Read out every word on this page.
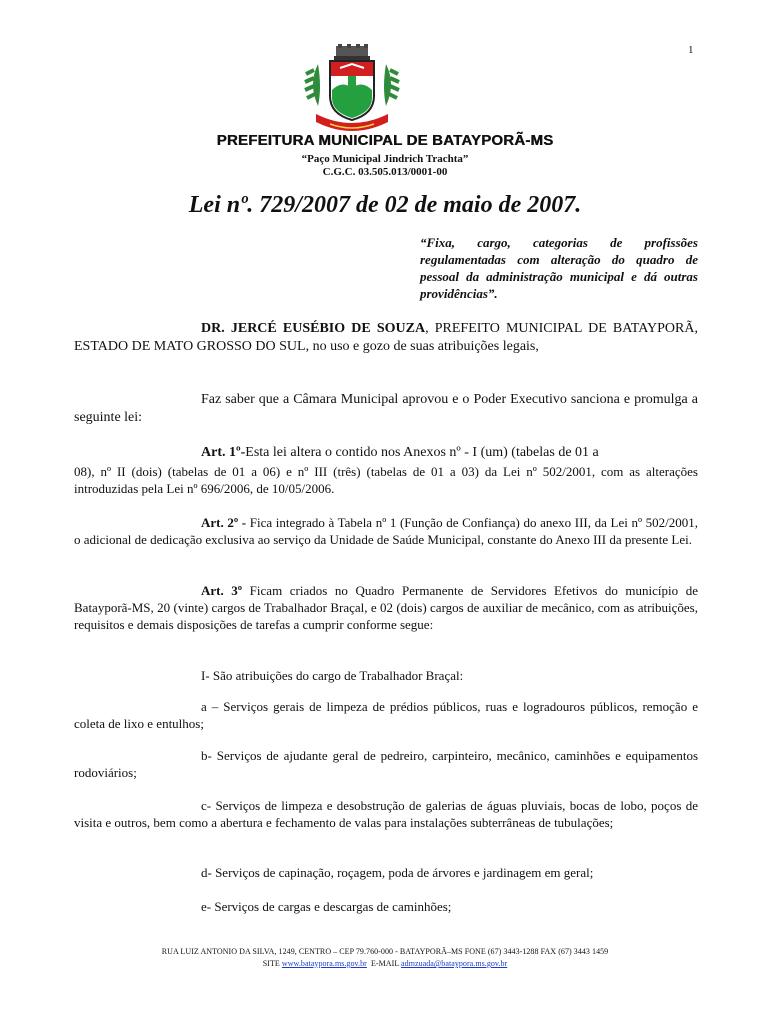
1
PREFEITURA MUNICIPAL DE BATAYPORÃ-MS
“Paço Municipal Jindrich Trachta”
C.G.C. 03.505.013/0001-00
Lei nº. 729/2007 de 02 de maio de 2007.
“Fixa, cargo, categorias de profissões regulamentadas com alteração do quadro de pessoal da administração municipal e dá outras providências”.
DR. JERCÉ EUSÉBIO DE SOUZA, PREFEITO MUNICIPAL DE BATAYPORÃ, ESTADO DE MATO GROSSO DO SUL, no uso e gozo de suas atribuições legais,
Faz saber que a Câmara Municipal aprovou e o Poder Executivo sanciona e promulga a seguinte lei:
Art. 1º-Esta lei altera o contido nos Anexos nº - I (um) (tabelas de 01 a
08), nº II (dois) (tabelas de 01 a 06) e nº III (três) (tabelas de 01 a 03) da Lei nº 502/2001, com as alterações introduzidas pela Lei nº 696/2006, de 10/05/2006.
Art. 2º - Fica integrado à Tabela nº 1 (Função de Confiança) do anexo III, da Lei nº 502/2001, o adicional de dedicação exclusiva ao serviço da Unidade de Saúde Municipal, constante do Anexo III da presente Lei.
Art. 3º Ficam criados no Quadro Permanente de Servidores Efetivos do município de Batayporã-MS, 20 (vinte) cargos de Trabalhador Braçal, e 02 (dois) cargos de auxiliar de mecânico, com as atribuições, requisitos e demais disposições de tarefas a cumprir conforme segue:
I- São atribuições do cargo de Trabalhador Braçal:
a – Serviços gerais de limpeza de prédios públicos, ruas e logradouros públicos, remoção e coleta de lixo e entulhos;
b- Serviços de ajudante geral de pedreiro, carpinteiro, mecânico, caminhões e equipamentos rodoviários;
c- Serviços de limpeza e desobstrução de galerias de águas pluviais, bocas de lobo, poços de visita e outros, bem como a abertura e fechamento de valas para instalações subterrâneas de tubulações;
d- Serviços de capinação, roçagem, poda de árvores e jardinagem em geral;
e- Serviços de cargas e descargas de caminhões;
RUA LUIZ ANTONIO DA SILVA, 1249, CENTRO – CEP 79.760-000 - BATAYPORÃ–MS FONE (67) 3443-1288 FAX (67) 3443 1459
SITE www.bataypora.ms.gov.br E-MAIL admzuada@bataypora.ms.gov.br
